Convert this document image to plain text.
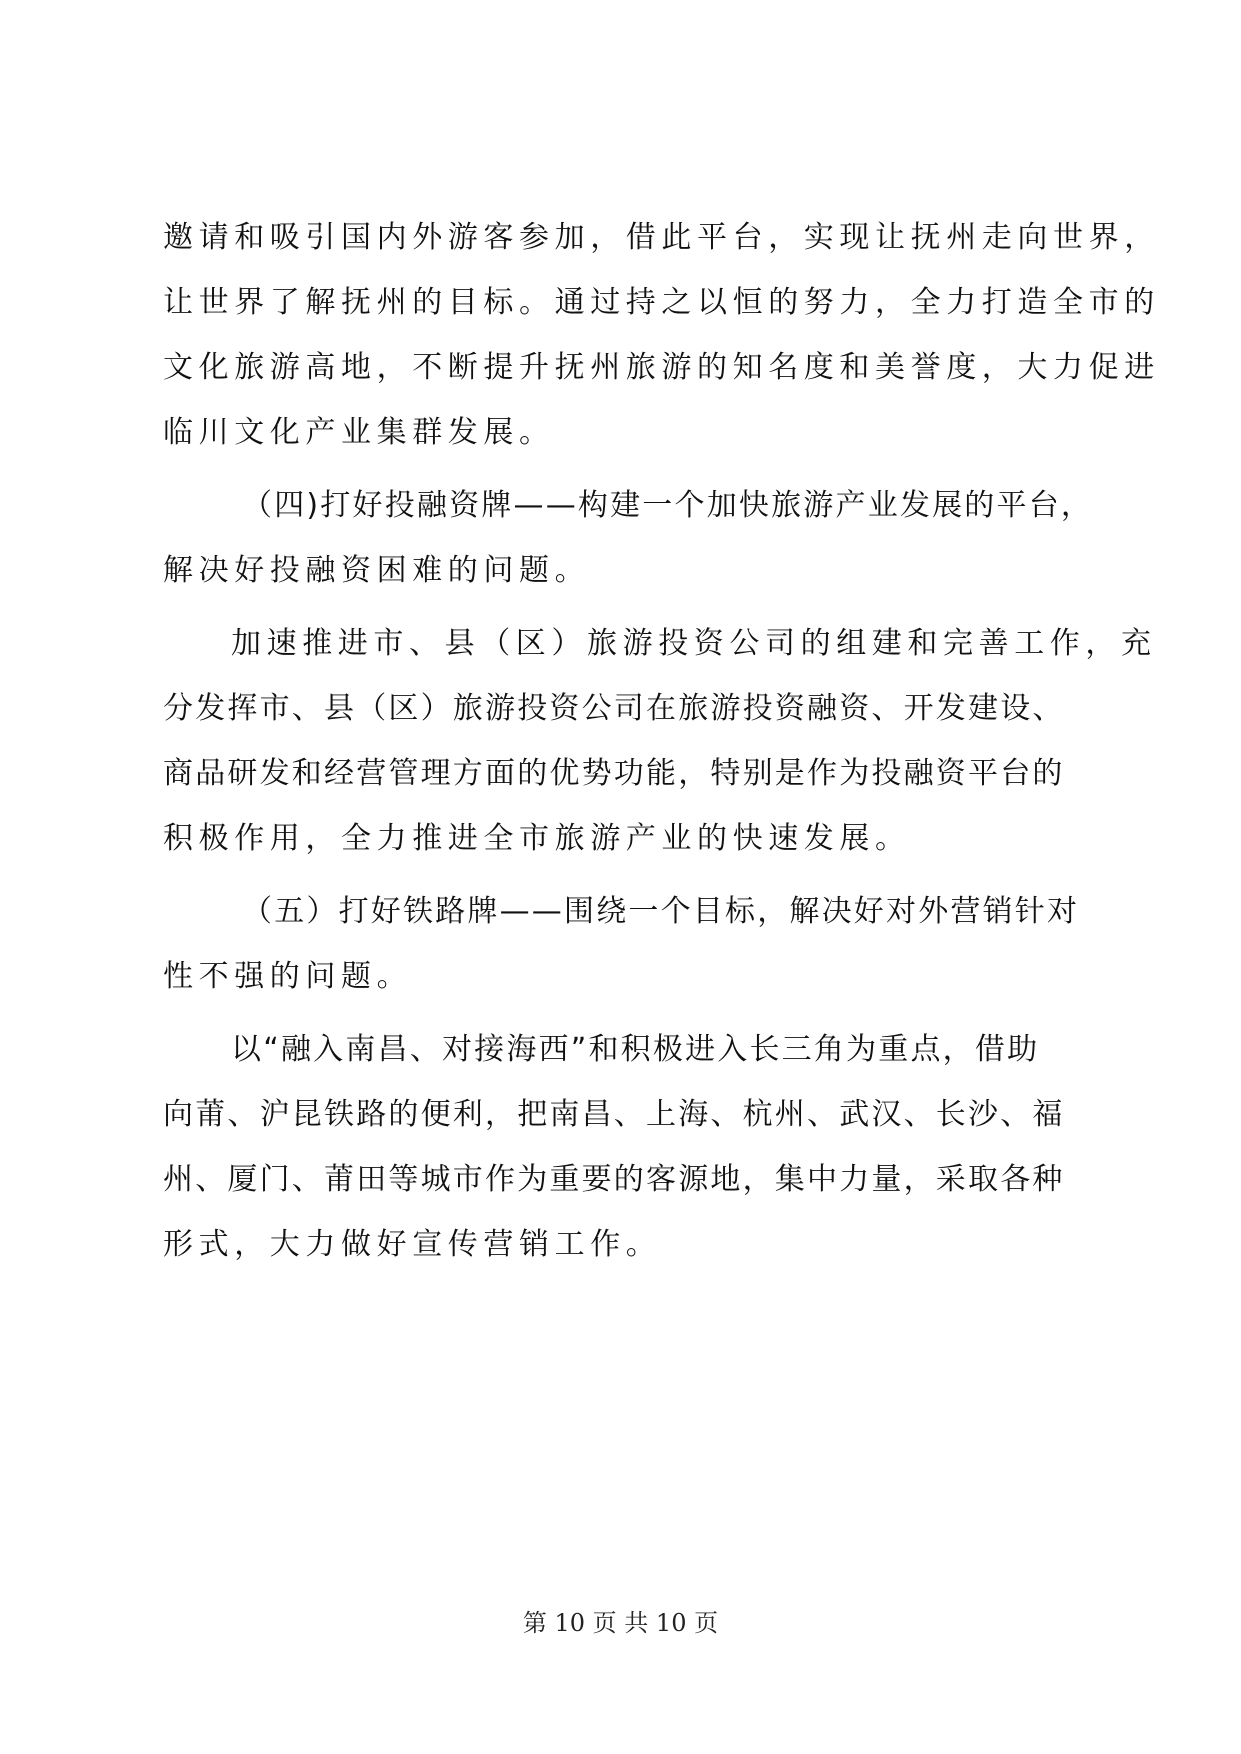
邀请和吸引国内外游客参加，借此平台，实现让抚州走向世界，
让世界了解抚州的目标。通过持之以恒的努力，全力打造全市的
文化旅游高地，不断提升抚州旅游的知名度和美誉度，大力促进
临川文化产业集群发展。
（四)打好投融资牌——构建一个加快旅游产业发展的平台，
解决好投融资困难的问题。
加速推进市、县（区）旅游投资公司的组建和完善工作，充
分发挥市、县（区）旅游投资公司在旅游投资融资、开发建设、
商品研发和经营管理方面的优势功能，特别是作为投融资平台的
积极作用，全力推进全市旅游产业的快速发展。
（五）打好铁路牌——围绕一个目标，解决好对外营销针对
性不强的问题。
以“融入南昌、对接海西”和积极进入长三角为重点，借助
向莆、沪昆铁路的便利，把南昌、上海、杭州、武汉、长沙、福
州、厦门、莆田等城市作为重要的客源地，集中力量，采取各种
形式，大力做好宣传营销工作。
第 10 页 共 10 页
